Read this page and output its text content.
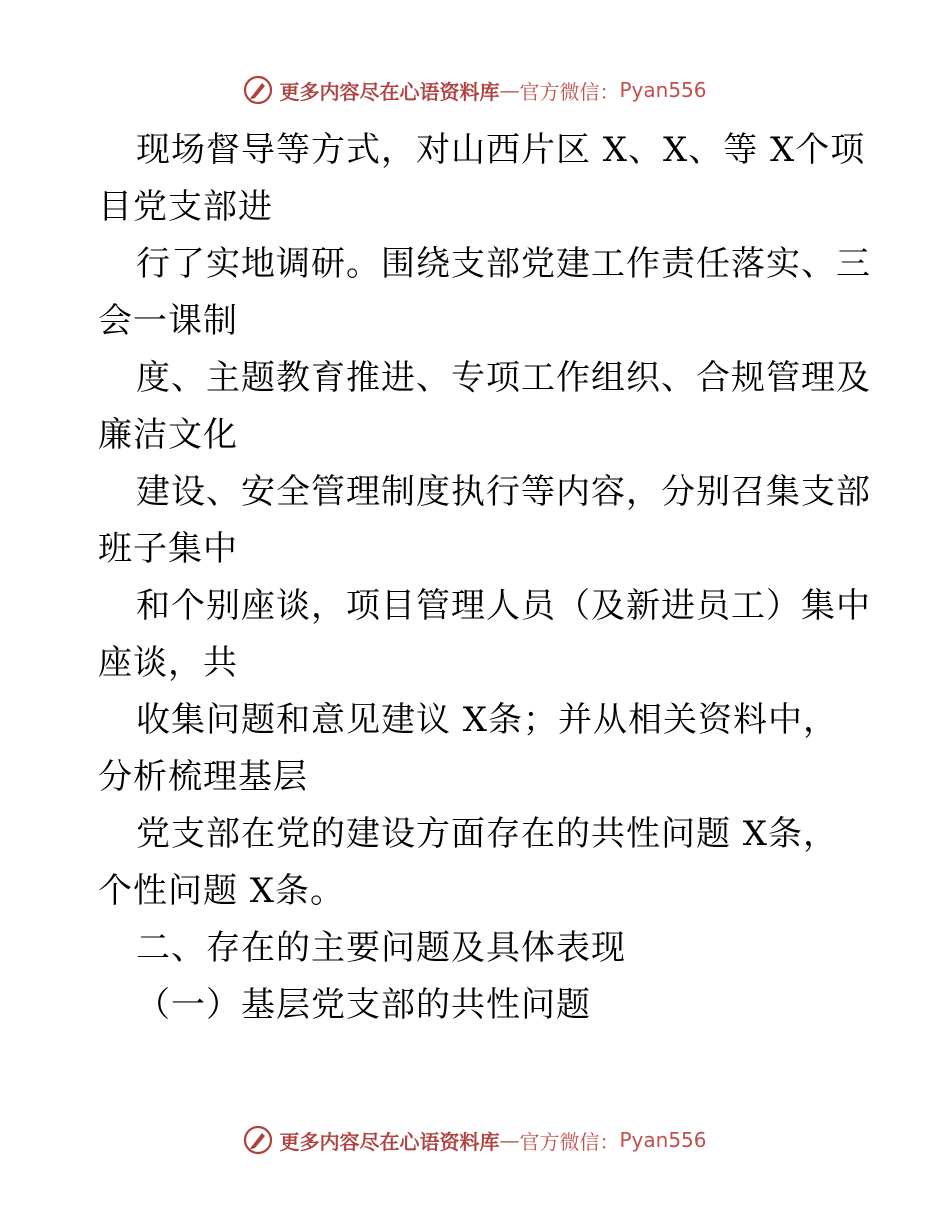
更多内容尽在心语资料库 — 官方微信： Pyan556
现场督导等方式，对山西片区 X、X、等 X个项
目党支部进
行了实地调研。围绕支部党建工作责任落实、三
会一课制
度、主题教育推进、专项工作组织、合规管理及
廉洁文化
建设、安全管理制度执行等内容，分别召集支部
班子集中
和个别座谈，项目管理人员（及新进员工）集中
座谈，共
收集问题和意见建议 X条；并从相关资料中，
分析梳理基层
党支部在党的建设方面存在的共性问题 X条，
个性问题 X条。
二、存在的主要问题及具体表现
（一）基层党支部的共性问题
更多内容尽在心语资料库 — 官方微信： Pyan556
